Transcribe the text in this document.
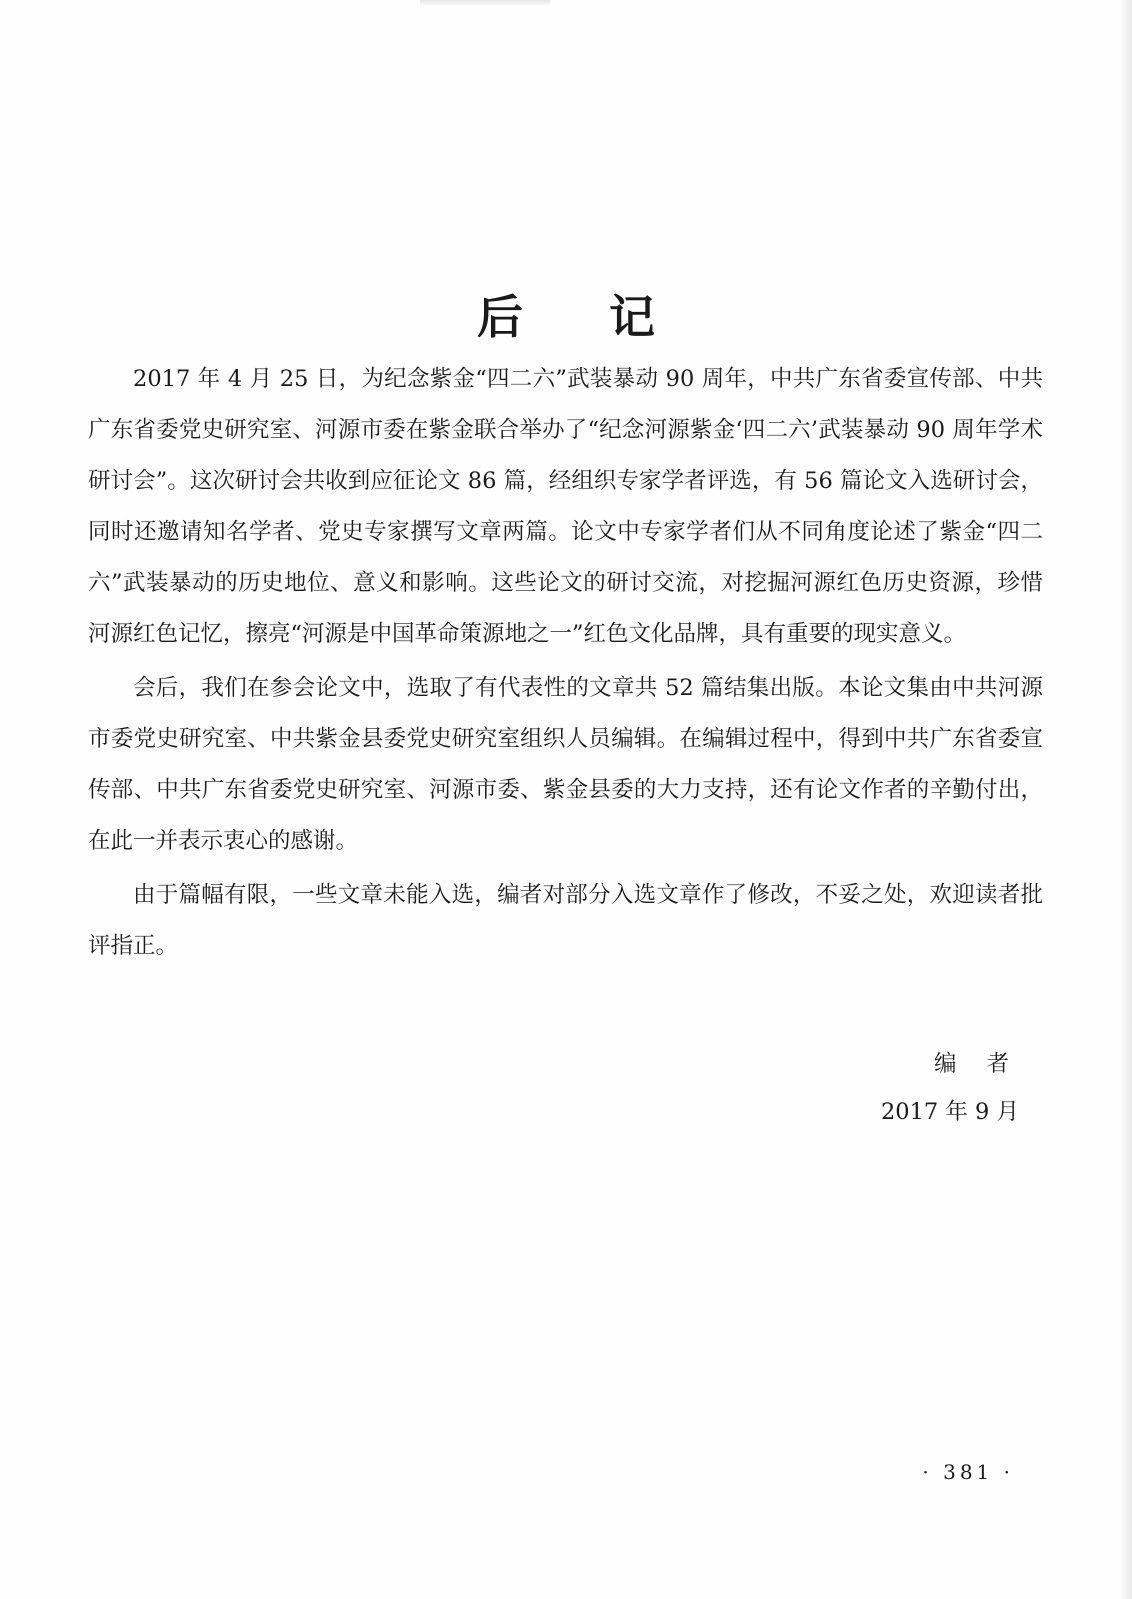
后 记

2017 年 4 月 25 日，为纪念紫金“四二六”武装暴动 90 周年，中共广东省委宣传部、中共广东省委党史研究室、河源市委在紫金联合举办了“纪念河源紫金‘四二六’武装暴动 90 周年学术研讨会”。这次研讨会共收到应征论文 86 篇，经组织专家学者评选，有 56 篇论文入选研讨会，同时还邀请知名学者、党史专家撰写文章两篇。论文中专家学者们从不同角度论述了紫金“四二六”武装暴动的历史地位、意义和影响。这些论文的研讨交流，对挖掘河源红色历史资源，珍惜河源红色记忆，擦亮“河源是中国革命策源地之一”红色文化品牌，具有重要的现实意义。

会后，我们在参会论文中，选取了有代表性的文章共 52 篇结集出版。本论文集由中共河源市委党史研究室、中共紫金县委党史研究室组织人员编辑。在编辑过程中，得到中共广东省委宣传部、中共广东省委党史研究室、河源市委、紫金县委的大力支持，还有论文作者的辛勤付出，在此一并表示衷心的感谢。

由于篇幅有限，一些文章未能入选，编者对部分入选文章作了修改，不妥之处，欢迎读者批评指正。

编者
2017 年 9 月
· 381 ·
